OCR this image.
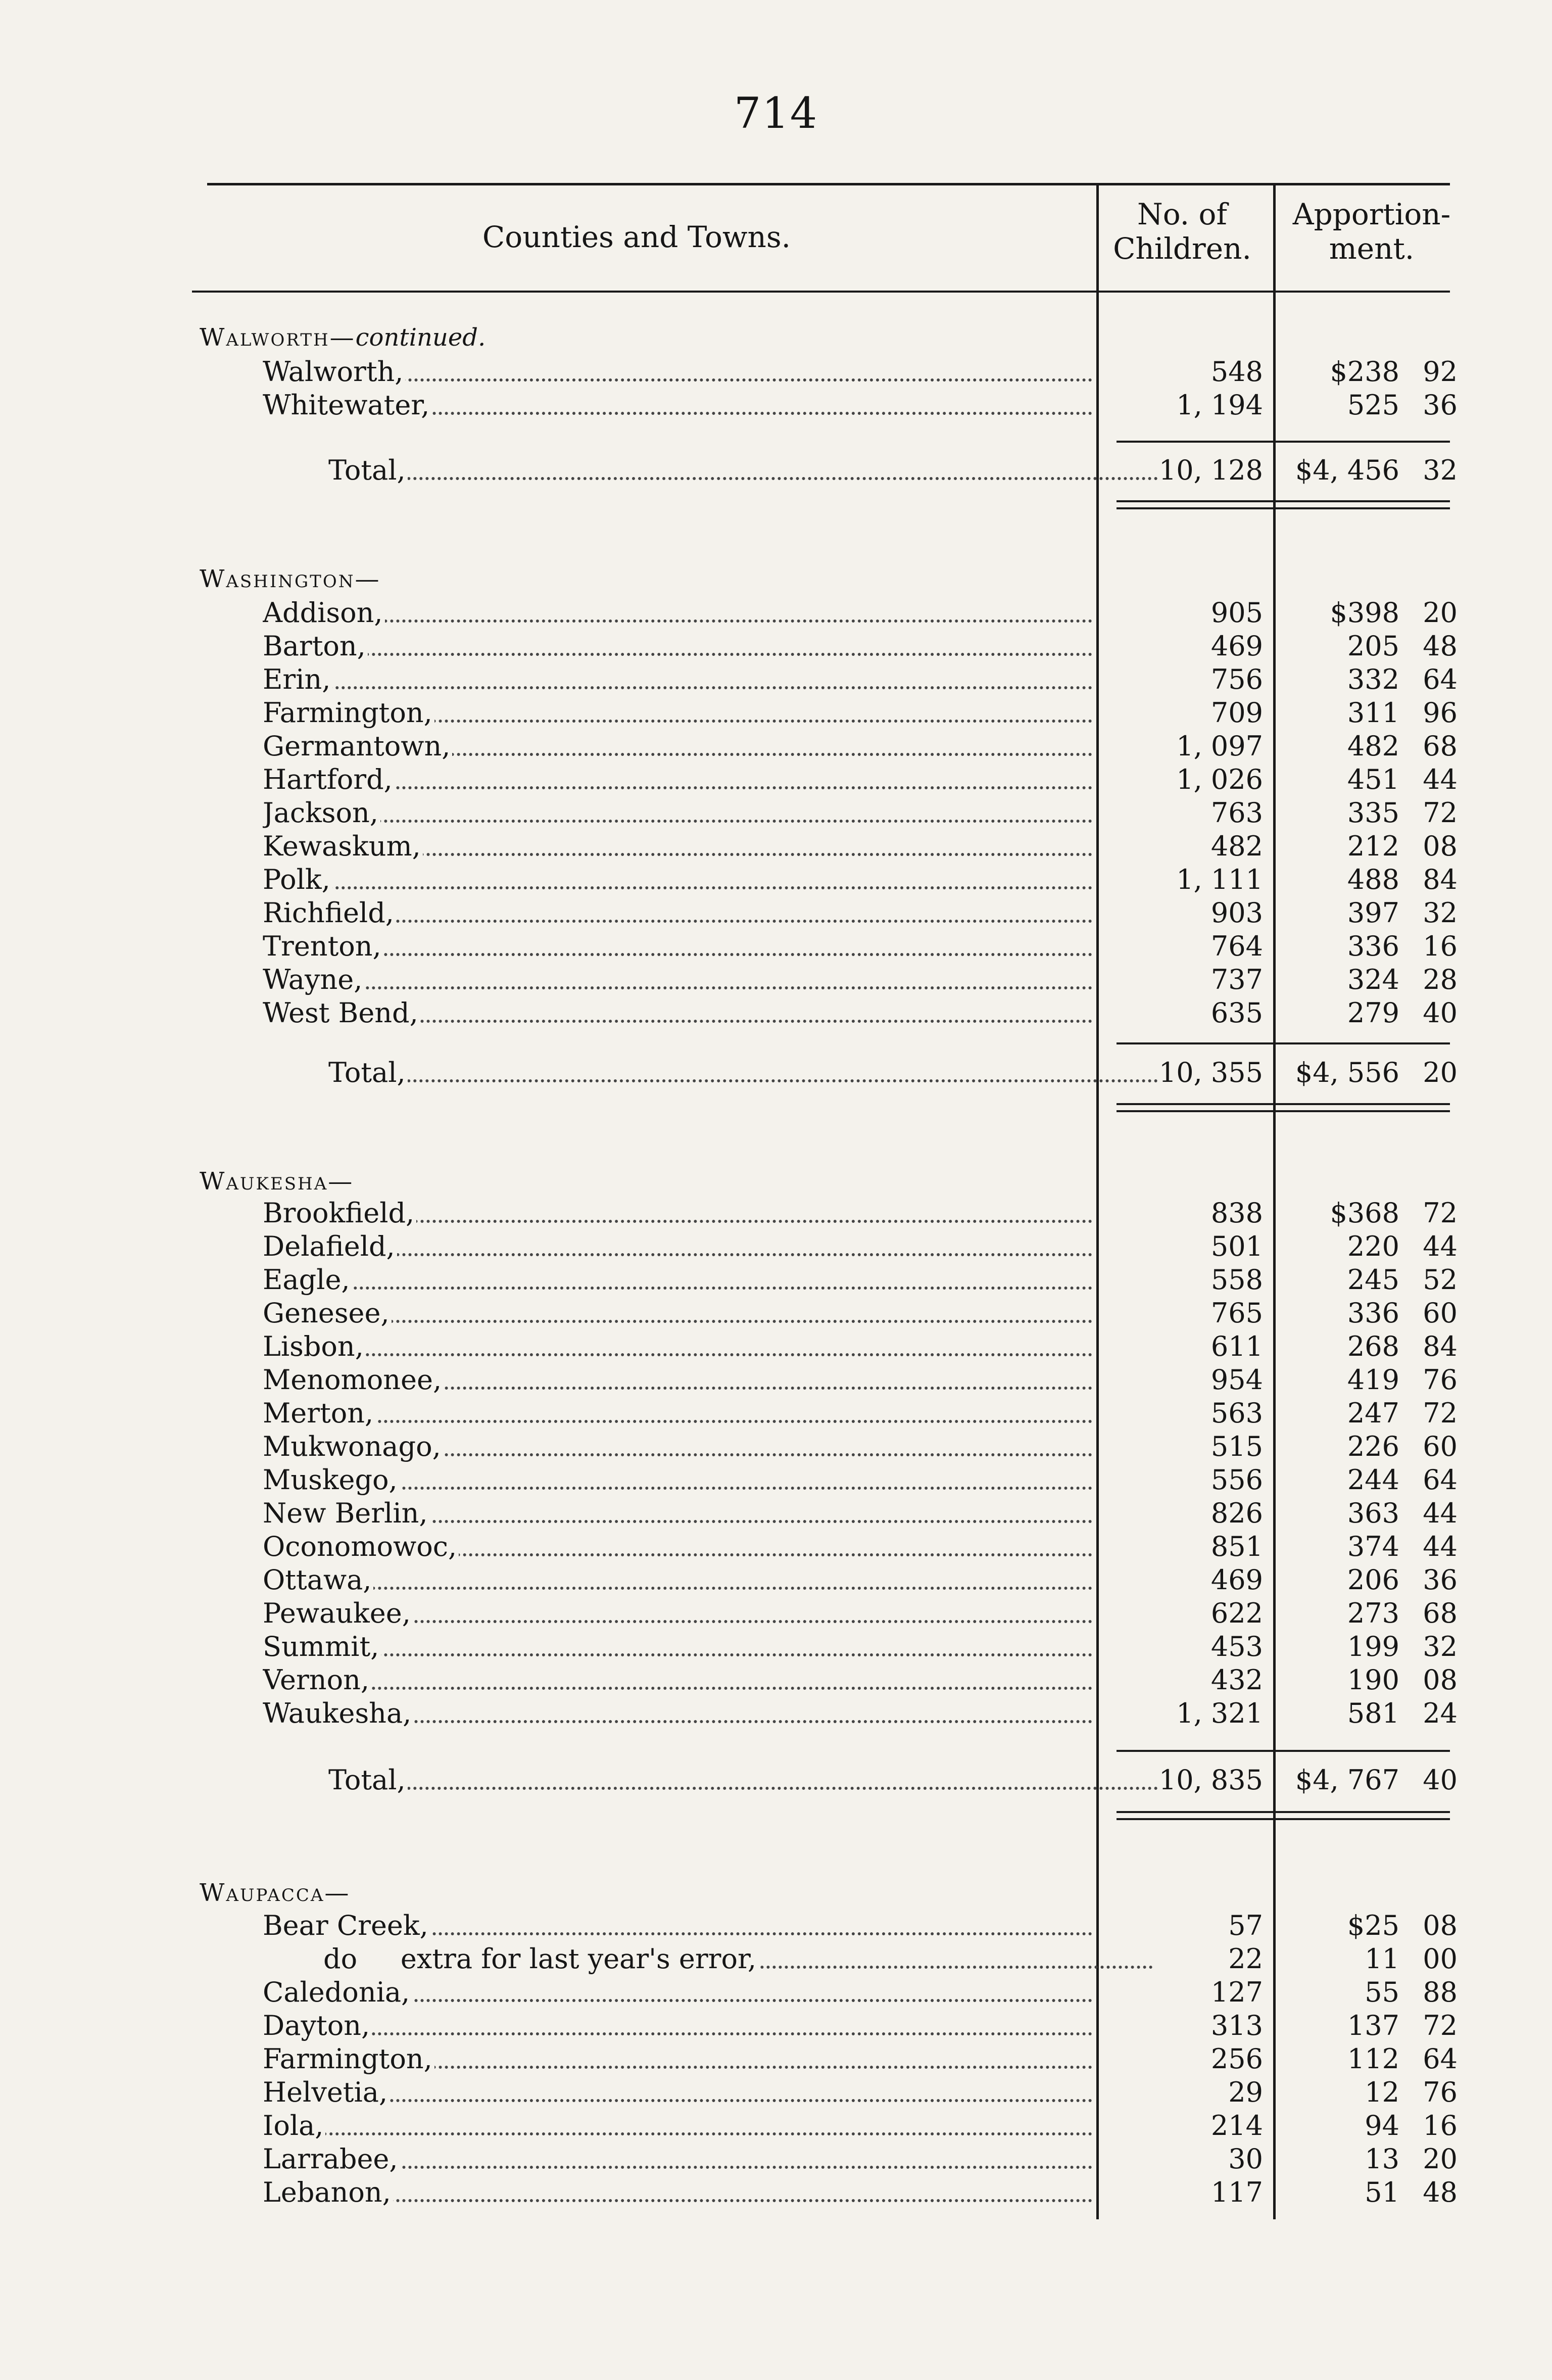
714
Counties and Towns.
No. of
Children.
Apportion-
ment.
Walworth—continued.
Walworth,	548	$238 92
Whitewater,	1, 194	525 36
Total,	10, 128 $4, 456 32
Washington—
Addison,	905	$398 20
Barton,	469	205 48
Erin,	756	332 64
Farmington,	709	311 96
Germantown,	1, 097	482 68
Hartford,	1, 026	451 44
Jackson,	763	335 72
Kewaskum,	482	212 08
Polk,	1, 111	488 84
Richfield,	903	397 32
Trenton,	764	336 16
Wayne,	737	324 28
West Bend,	635	279 40
Total,	10, 355 $4, 556 20
Waukesha—
Brookfield,	838	$368 72
Delafield,	501	220 44
Eagle,	558	245 52
Genesee,	765	336 60
Lisbon,	611	268 84
Menomonee,	954	419 76
Merton,	563	247 72
Mukwonago,	515	226 60
Muskego,	556	244 64
New Berlin,	826	363 44
Oconomowoc,	851	374 44
Ottawa,	469	206 36
Pewaukee,	622	273 68
Summit,	453	199 32
Vernon,	432	190 08
Waukesha,	1, 321	581 24
Total,	10, 835 $4, 767 40
Waupacca—
Bear Creek,	57	$25 08
do     extra for last year's error,	22	11 00
Caledonia,	127	55 88
Dayton,	313	137 72
Farmington,	256	112 64
Helvetia,	29	12 76
Iola,	214	94 16
Larrabee,	30	13 20
Lebanon,	117	51 48
